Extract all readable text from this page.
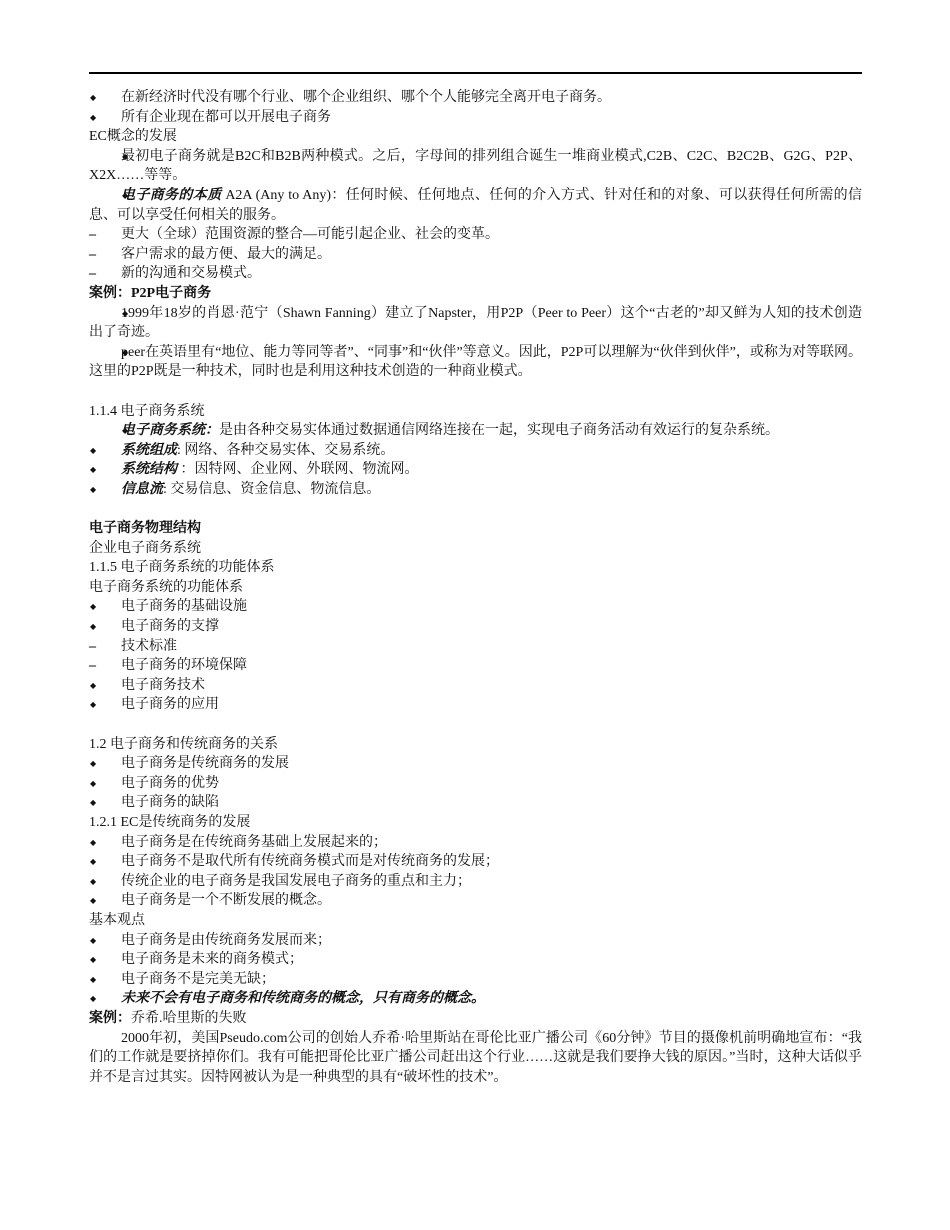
◆ 在新经济时代没有哪个行业、哪个企业组织、哪个个人能够完全离开电子商务。
◆ 所有企业现在都可以开展电子商务
EC概念的发展
◆ 最初电子商务就是B2C和B2B两种模式。之后，字母间的排列组合诞生一堆商业模式,C2B、C2C、B2C2B、G2G、P2P、X2X……等等。
◆ 电子商务的本质 A2A (Any to Any)：任何时候、任何地点、任何的介入方式、针对任和的对象、可以获得任何所需的信息、可以享受任何相关的服务。
– 更大（全球）范围资源的整合—可能引起企业、社会的变革。
– 客户需求的最方便、最大的满足。
– 新的沟通和交易模式。
案例：P2P电子商务
◆ 1999年18岁的肖恩·范宁（Shawn Fanning）建立了Napster，用P2P（Peer to Peer）这个“古老的”却又鲜为人知的技术创造出了奇迹。
◆ peer在英语里有“地位、能力等同等者”、“同事”和“伙伴”等意义。因此，P2P可以理解为“伙伴到伙伴”，或称为对等联网。这里的P2P既是一种技术，同时也是利用这种技术创造的一种商业模式。
1.1.4 电子商务系统
◆ 电子商务系统：是由各种交易实体通过数据通信网络连接在一起，实现电子商务活动有效运行的复杂系统。
◆ 系统组成: 网络、各种交易实体、交易系统。
◆ 系统结构 ：因特网、企业网、外联网、物流网。
◆ 信息流: 交易信息、资金信息、物流信息。
电子商务物理结构
企业电子商务系统
1.1.5 电子商务系统的功能体系
电子商务系统的功能体系
◆ 电子商务的基础设施
◆ 电子商务的支撑
– 技术标准
– 电子商务的环境保障
◆ 电子商务技术
◆ 电子商务的应用
1.2 电子商务和传统商务的关系
◆ 电子商务是传统商务的发展
◆ 电子商务的优势
◆ 电子商务的缺陷
1.2.1 EC是传统商务的发展
◆ 电子商务是在传统商务基础上发展起来的；
◆ 电子商务不是取代所有传统商务模式而是对传统商务的发展；
◆ 传统企业的电子商务是我国发展电子商务的重点和主力；
◆ 电子商务是一个不断发展的概念。
基本观点
◆ 电子商务是由传统商务发展而来；
◆ 电子商务是未来的商务模式；
◆ 电子商务不是完美无缺；
◆ 未来不会有电子商务和传统商务的概念，只有商务的概念。
案例：乔希.哈里斯的失败
2000年初，美国Pseudo.com公司的创始人乔希·哈里斯站在哥伦比亚广播公司《60分钟》节目的摄像机前明确地宣布：“我们的工作就是要挤掉你们。我有可能把哥伦比亚广播公司赶出这个行业……这就是我们要挣大钱的原因。”当时，这种大话似乎并不是言过其实。因特网被认为是一种典型的具有“破坏性的技术”。
